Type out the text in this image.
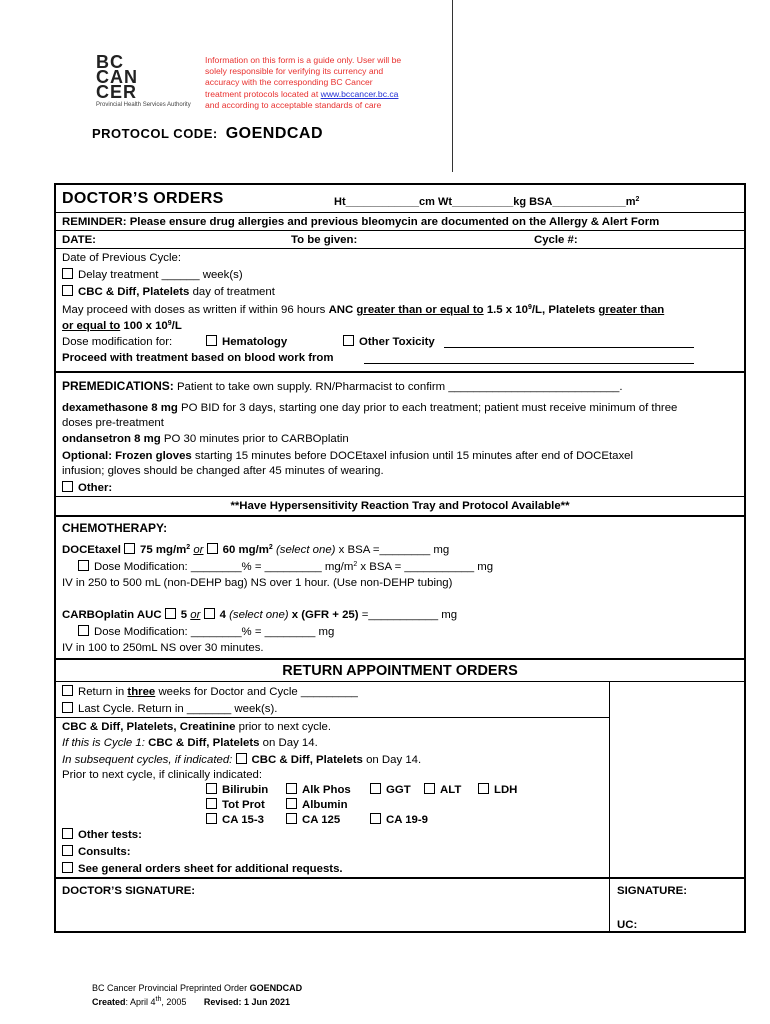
BC
CAN
CER
Provincial Health Services Authority
Information on this form is a guide only. User will be
solely responsible for verifying its currency and
accuracy with the corresponding BC Cancer
treatment protocols located at www.bccancer.bc.ca
and according to acceptable standards of care
PROTOCOL CODE: GOENDCAD
DOCTOR’S ORDERS	Ht____________cm Wt__________kg $BSA\_\_\_\_\_\_\_\_\_\_\_\_m^2$
REMINDER: Please ensure drug allergies and previous bleomycin are documented on the Allergy & Alert Form
DATE:	To be given:	Cycle #:
Date of Previous Cycle:
Delay treatment ______ week(s)
CBC & Diff, Platelets day of treatment
May proceed with doses as written if within 96 hours ANC greater than or equal to 1.5 x $10^9/L$, Platelets greater than
or equal to 100 x $10^9/L$
Dose modification for:	Hematology	Other Toxicity
Proceed with treatment based on blood work from
PREMEDICATIONS: Patient to take own supply. RN/Pharmacist to confirm ___________________________.
dexamethasone 8 mg PO BID for 3 days, starting one day prior to each treatment; patient must receive minimum of three
doses pre-treatment
ondansetron 8 mg PO 30 minutes prior to CARBOplatin
Optional: Frozen gloves starting 15 minutes before DOCEtaxel infusion until 15 minutes after end of DOCEtaxel
infusion; gloves should be changed after 45 minutes of wearing.
Other:
**Have Hypersensitivity Reaction Tray and Protocol Available**
CHEMOTHERAPY:
DOCEtaxel 75 $mg/m^2$ or 60 $mg/m^2$ (select one) x BSA =________ mg
Dose Modification: ________% = _________ $mg/m^2$ x BSA = ___________ mg
IV in 250 to 500 mL (non-DEHP bag) NS over 1 hour. (Use non-DEHP tubing)
CARBOplatin AUC 5 or 4 (select one) x (GFR + 25) =___________ mg
Dose Modification: ________% = ________ mg
IV in 100 to 250mL NS over 30 minutes.
RETURN APPOINTMENT ORDERS
Return in three weeks for Doctor and Cycle _________
Last Cycle. Return in _______ week(s).
CBC & Diff, Platelets, Creatinine prior to next cycle.
If this is Cycle 1: CBC & Diff, Platelets on Day 14.
In subsequent cycles, if indicated: CBC & Diff, Platelets on Day 14.
Prior to next cycle, if clinically indicated:
Bilirubin	Alk Phos	GGT	ALT	LDH
Tot Prot	Albumin
CA 15-3	CA 125	CA 19-9
Other tests:
Consults:
See general orders sheet for additional requests.
DOCTOR’S SIGNATURE:	SIGNATURE:
UC:
BC Cancer Provincial Preprinted Order GOENDCAD
Created: April 4th, 2005 Revised: 1 Jun 2021
